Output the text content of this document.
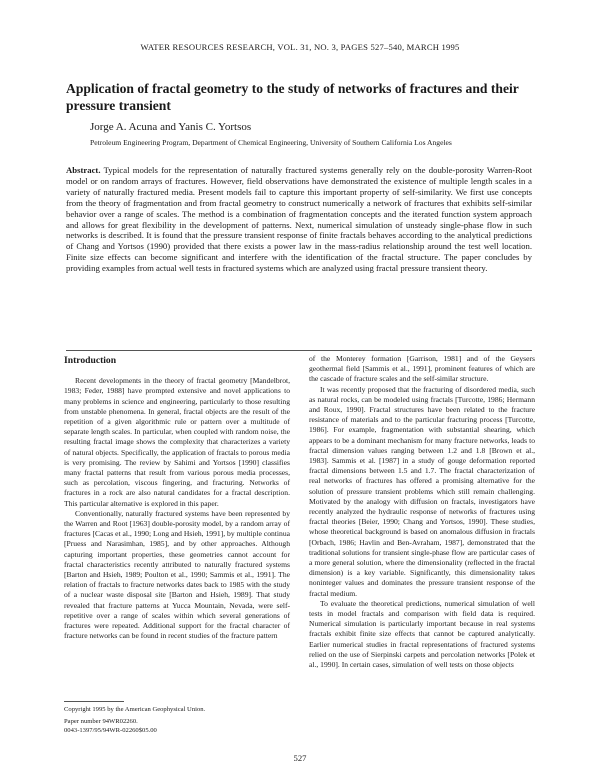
WATER RESOURCES RESEARCH, VOL. 31, NO. 3, PAGES 527–540, MARCH 1995
Application of fractal geometry to the study of networks of fractures and their pressure transient
Jorge A. Acuna and Yanis C. Yortsos
Petroleum Engineering Program, Department of Chemical Engineering, University of Southern California Los Angeles

Abstract. Typical models for the representation of naturally fractured systems generally rely on the double-porosity Warren-Root model or on random arrays of fractures. However, field observations have demonstrated the existence of multiple length scales in a variety of naturally fractured media. Present models fail to capture this important property of self-similarity. We first use concepts from the theory of fragmentation and from fractal geometry to construct numerically a network of fractures that exhibits self-similar behavior over a range of scales. The method is a combination of fragmentation concepts and the iterated function system approach and allows for great flexibility in the development of patterns. Next, numerical simulation of unsteady single-phase flow in such networks is described. It is found that the pressure transient response of finite fractals behaves according to the analytical predictions of Chang and Yortsos (1990) provided that there exists a power law in the mass-radius relationship around the test well location. Finite size effects can become significant and interfere with the identification of the fractal structure. The paper concludes by providing examples from actual well tests in fractured systems which are analyzed using fractal pressure transient theory.

Introduction

Recent developments in the theory of fractal geometry [Mandelbrot, 1983; Feder, 1988] have prompted extensive and novel applications to many problems in science and engineering, particularly to those resulting from unstable phenomena. In general, fractal objects are the result of the repetition of a given algorithmic rule or pattern over a multitude of separate length scales. In particular, when coupled with random noise, the resulting fractal image shows the complexity that characterizes a variety of natural objects. Specifically, the application of fractals to porous media is very promising. The review by Sahimi and Yortsos [1990] classifies many fractal patterns that result from various porous media processes, such as percolation, viscous fingering, and fracturing. Networks of fractures in a rock are also natural candidates for a fractal description. This particular alternative is explored in this paper.

Conventionally, naturally fractured systems have been represented by the Warren and Root [1963] double-porosity model, by a random array of fractures [Cacas et al., 1990; Long and Hsieh, 1991], by multiple continua [Pruess and Narasimhan, 1985], and by other approaches. Although capturing important properties, these geometries cannot account for fractal characteristics recently attributed to naturally fractured systems [Barton and Hsieh, 1989; Poulton et al., 1990; Sammis et al., 1991]. The relation of fractals to fracture networks dates back to 1985 with the study of a nuclear waste disposal site [Barton and Hsieh, 1989]. That study revealed that fracture patterns at Yucca Mountain, Nevada, were self-repetitive over a range of scales within which several generations of fractures were repeated. Additional support for the fractal character of fracture networks can be found in recent studies of the fracture pattern

of the Monterey formation [Garrison, 1981] and of the Geysers geothermal field [Sammis et al., 1991], prominent features of which are the cascade of fracture scales and the self-similar structure.

It was recently proposed that the fracturing of disordered media, such as natural rocks, can be modeled using fractals [Turcotte, 1986; Hermann and Roux, 1990]. Fractal structures have been related to the fracture resistance of materials and to the particular fracturing process [Turcotte, 1986]. For example, fragmentation with substantial shearing, which appears to be a dominant mechanism for many fracture networks, leads to fractal dimension values ranging between 1.2 and 1.8 [Brown et al., 1983]. Sammis et al. [1987] in a study of gouge deformation reported fractal dimensions between 1.5 and 1.7. The fractal characterization of real networks of fractures has offered a promising alternative for the solution of pressure transient problems which still remain challenging. Motivated by the analogy with diffusion on fractals, investigators have recently analyzed the hydraulic response of networks of fractures using fractal theories [Beier, 1990; Chang and Yortsos, 1990]. These studies, whose theoretical background is based on anomalous diffusion in fractals [Orbach, 1986; Havlin and Ben-Avraham, 1987], demonstrated that the traditional solutions for transient single-phase flow are particular cases of a more general solution, where the dimensionality (reflected in the fractal dimension) is a key variable. Significantly, this dimensionality takes noninteger values and dominates the pressure transient response of the fractal medium.

To evaluate the theoretical predictions, numerical simulation of well tests in model fractals and comparison with field data is required. Numerical simulation is particularly important because in real systems fractals exhibit finite size effects that cannot be captured analytically. Earlier numerical studies in fractal representations of fractured systems relied on the use of Sierpinski carpets and percolation networks [Polek et al., 1990]. In certain cases, simulation of well tests on those objects

Copyright 1995 by the American Geophysical Union.
Paper number 94WR02260.
0043-1397/95/94WR-02260$05.00
527
